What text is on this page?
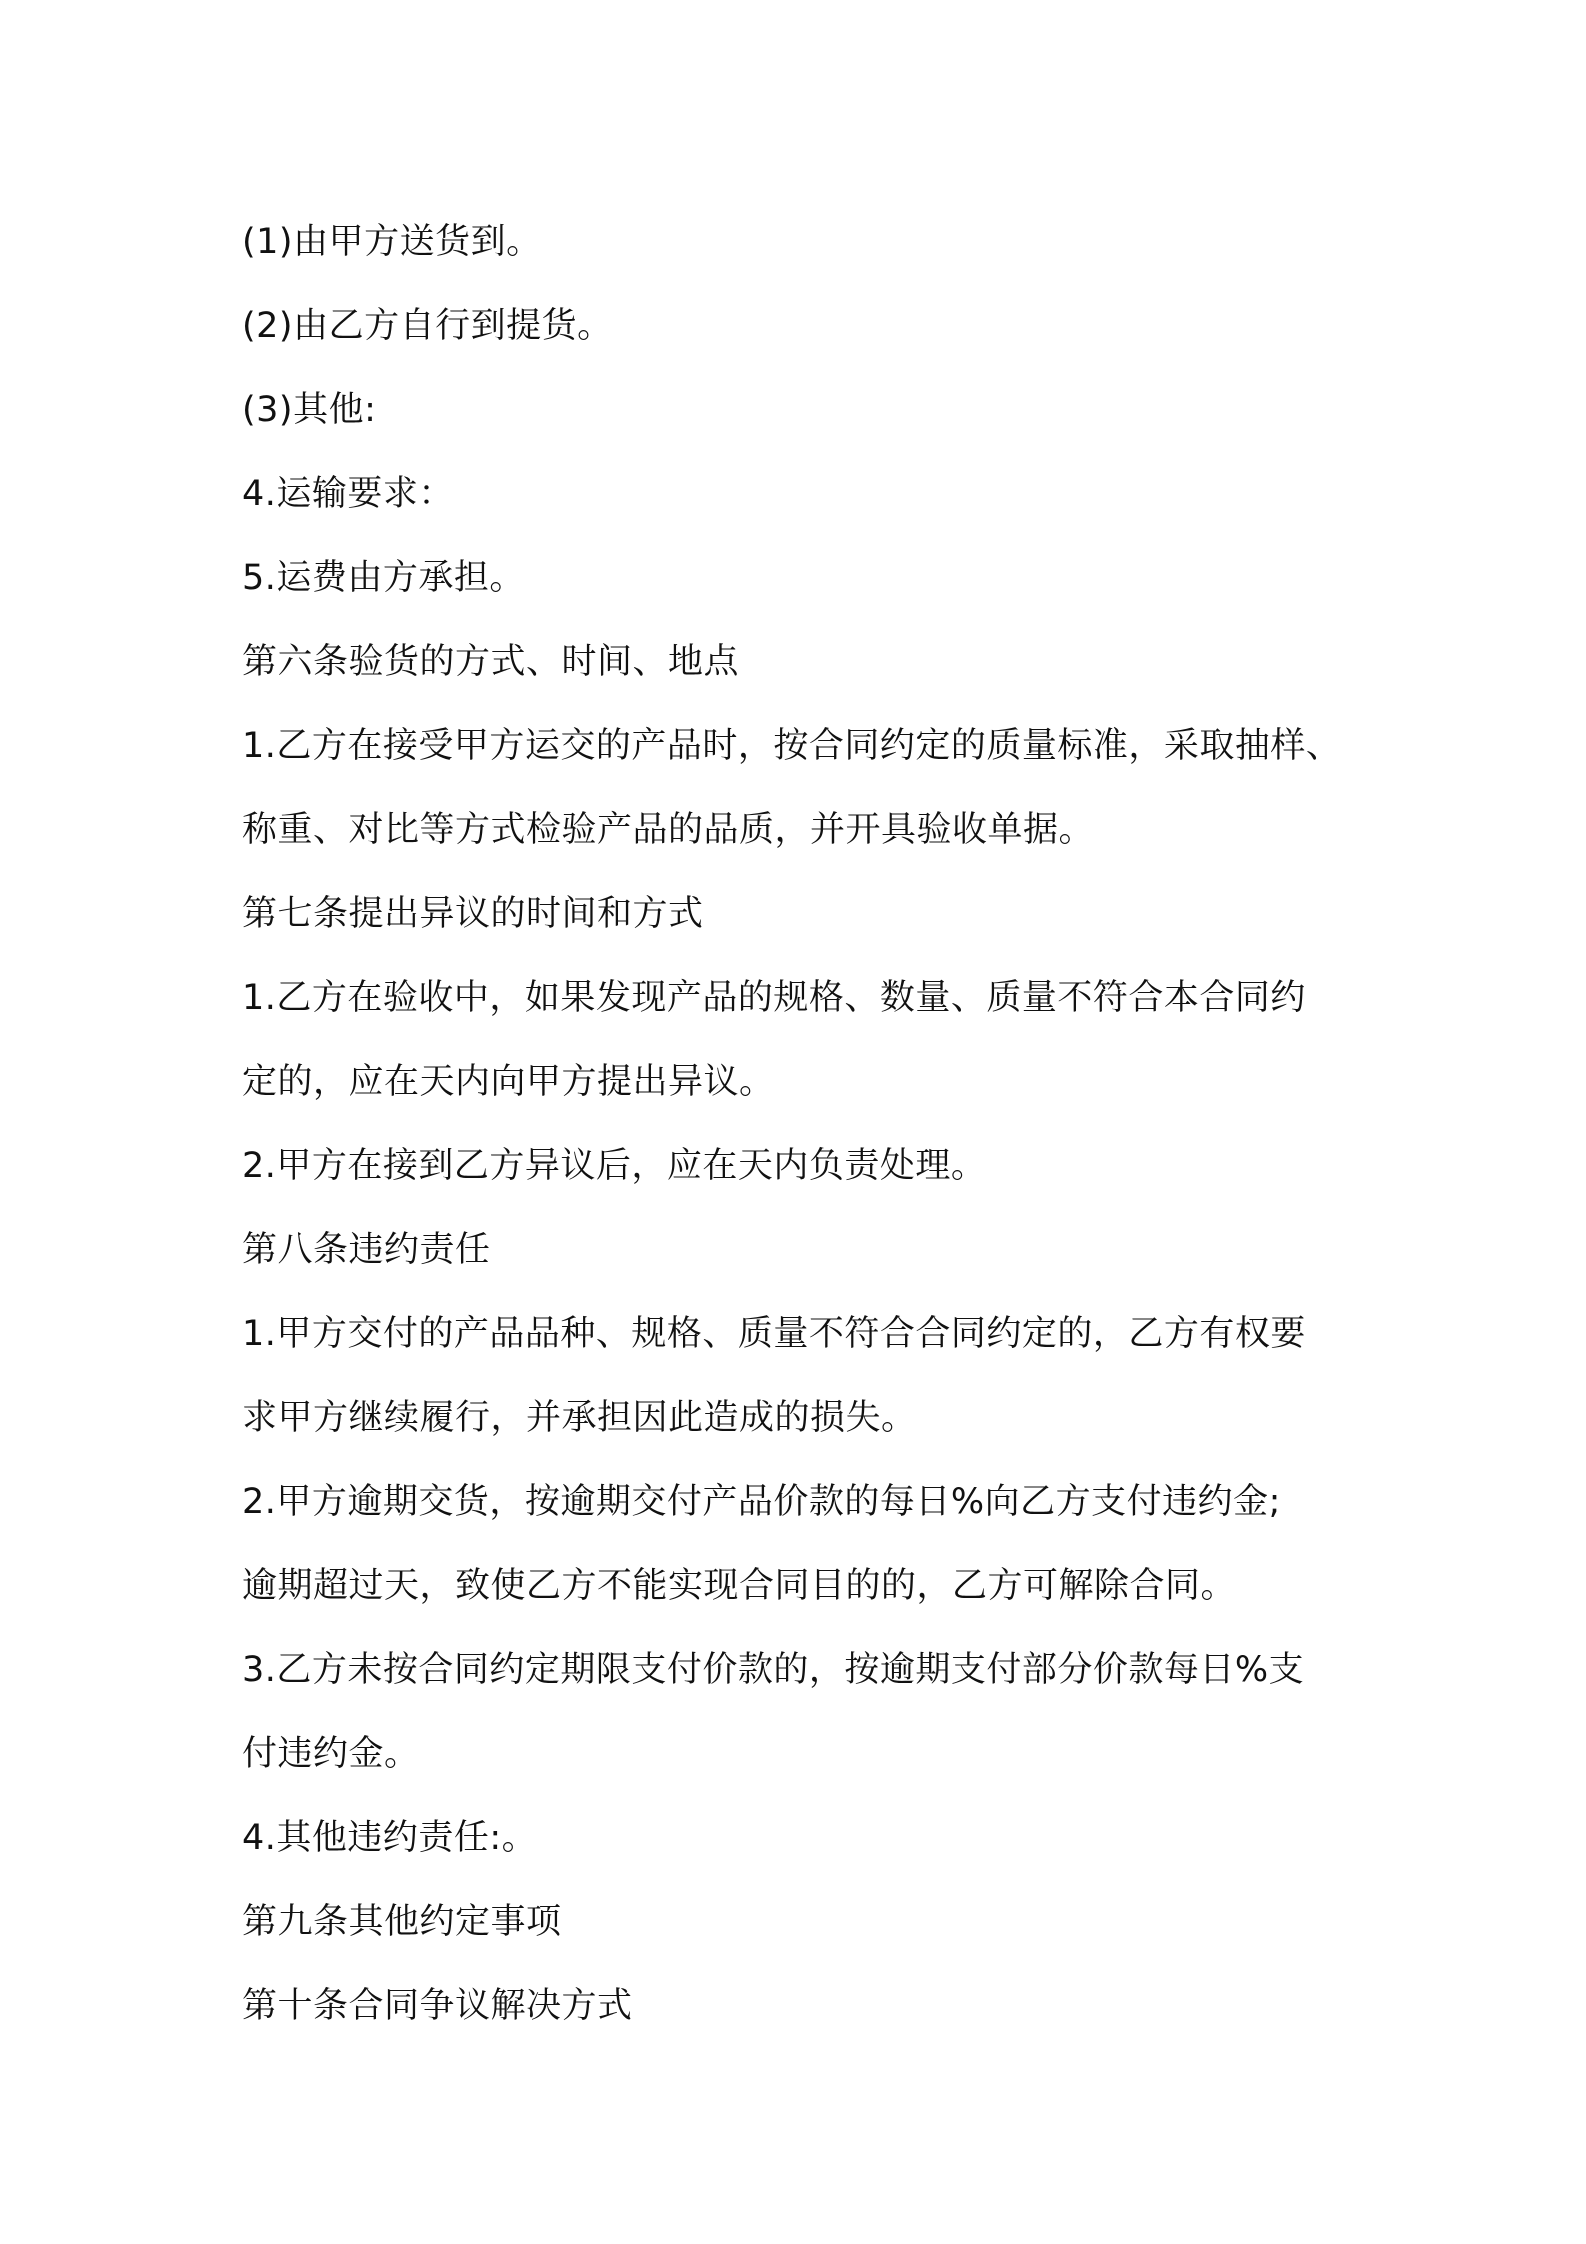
(1)由甲方送货到。
(2)由乙方自行到提货。
(3)其他:
4.运输要求：
5.运费由方承担。
第六条验货的方式、时间、地点
1.乙方在接受甲方运交的产品时，按合同约定的质量标准，采取抽样、
称重、对比等方式检验产品的品质，并开具验收单据。
第七条提出异议的时间和方式
1.乙方在验收中，如果发现产品的规格、数量、质量不符合本合同约
定的，应在天内向甲方提出异议。
2.甲方在接到乙方异议后，应在天内负责处理。
第八条违约责任
1.甲方交付的产品品种、规格、质量不符合合同约定的，乙方有权要
求甲方继续履行，并承担因此造成的损失。
2.甲方逾期交货，按逾期交付产品价款的每日%向乙方支付违约金;
逾期超过天，致使乙方不能实现合同目的的，乙方可解除合同。
3.乙方未按合同约定期限支付价款的，按逾期支付部分价款每日%支
付违约金。
4.其他违约责任:。
第九条其他约定事项
第十条合同争议解决方式
